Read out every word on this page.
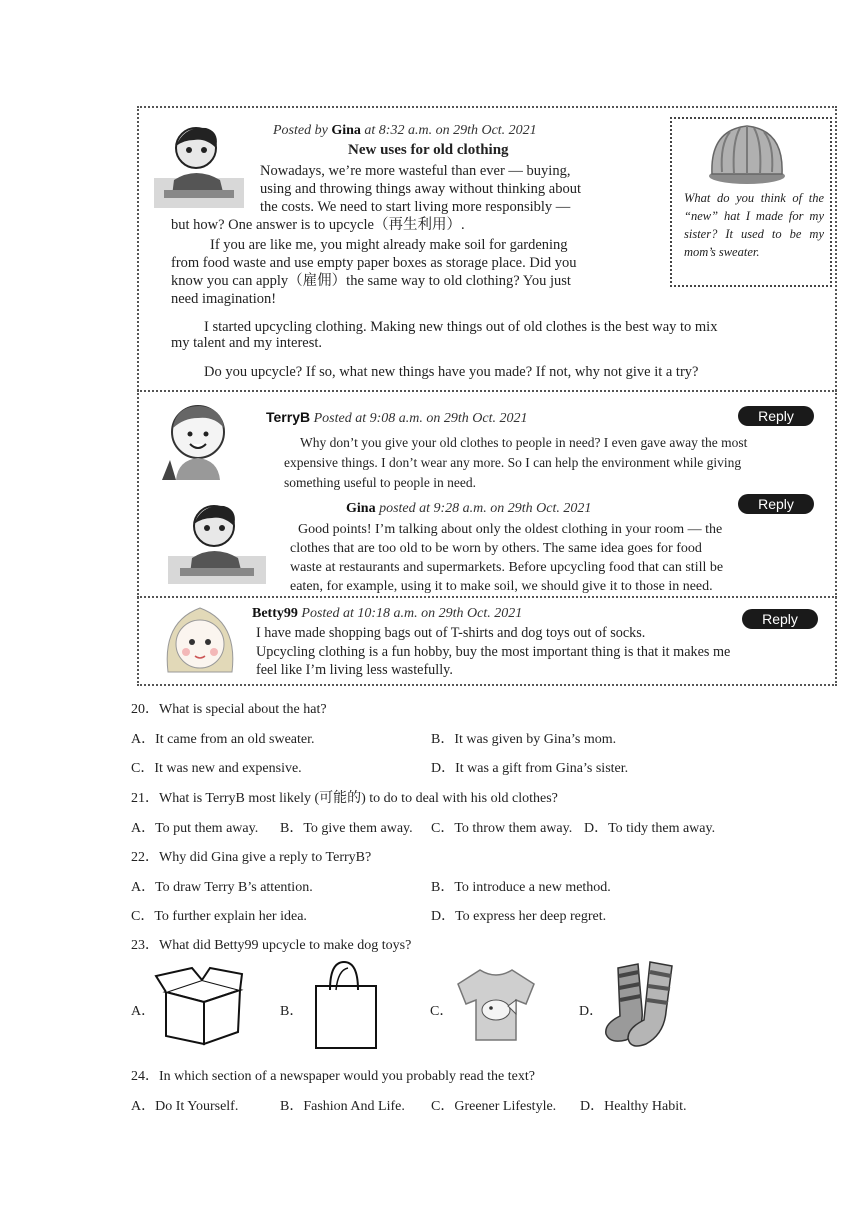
Posted by Gina at 8:32 a.m. on 29th Oct. 2021
New uses for old clothing
Nowadays, we’re more wasteful than ever — buying,
using and throwing things away without thinking about
the costs. We need to start living more responsibly —
but how? One answer is to upcycle（再生利用）.
If you are like me, you might already make soil for gardening
from food waste and use empty paper boxes as storage place. Did you
know you can apply（雇佣）the same way to old clothing? You just
need imagination!
I started upcycling clothing. Making new things out of old clothes is the best way to mix
my talent and my interest.
Do you upcycle? If so, what new things have you made? If not, why not give it a try?
What do you think of the “new” hat I made for my sister? It used to be my mom’s sweater.
TerryB Posted at 9:08 a.m. on 29th Oct. 2021	Reply
Why don’t you give your old clothes to people in need? I even gave away the most
expensive things. I don’t wear any more. So I can help the environment while giving
something useful to people in need.
Gina posted at 9:28 a.m. on 29th Oct. 2021	Reply
Good points! I’m talking about only the oldest clothing in your room — the
clothes that are too old to be worn by others. The same idea goes for food
waste at restaurants and supermarkets. Before upcycling food that can still be
eaten, for example, using it to make soil, we should give it to those in need.
Betty99 Posted at 10:18 a.m. on 29th Oct. 2021	Reply
I have made shopping bags out of T-shirts and dog toys out of socks.
Upcycling clothing is a fun hobby, buy the most important thing is that it makes me
feel like I’m living less wastefully.
20．What is special about the hat?
A．It came from an old sweater.	B．It was given by Gina’s mom.
C．It was new and expensive.	D．It was a gift from Gina’s sister.
21．What is TerryB most likely (可能的) to do to deal with his old clothes?
A．To put them away. B．To give them away. C．To throw them away. D．To tidy them away.
22．Why did Gina give a reply to TerryB?
A．To draw Terry B’s attention.	B．To introduce a new method.
C．To further explain her idea.	D．To express her deep regret.
23．What did Betty99 upcycle to make dog toys?
A．	B．	C．	D．
24．In which section of a newspaper would you probably read the text?
A．Do It Yourself.	B．Fashion And Life. C．Greener Lifestyle. D．Healthy Habit.
